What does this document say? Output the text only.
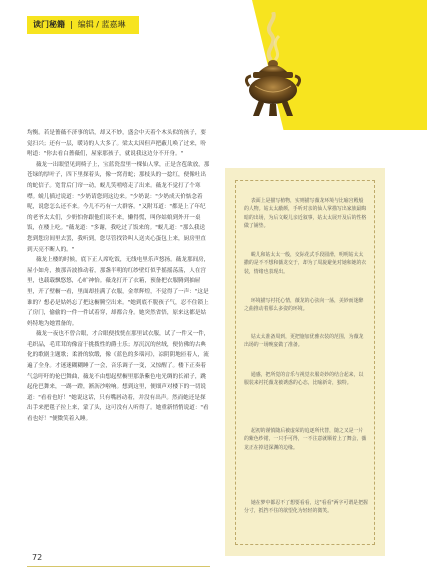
读门秘籍 | 编辑 / 蓝嘉琳

均衡。若是薔薇不济事的话，却又不妙，盛会中天着个木头似的孩子，要觉扫兴；还有一层，暖诗的人大多了。梁太太因但声把蔽儿唤了过来，吩咐道："你去看白薔薇们，屋家那孩子，就说我这边分不开身。"

薇龙一出眼望见到椅子上，宝蓝瓷盘里一棵仙人掌，正是含苞欲放，那苍绿的厚叶子，四下里探着头，像一窝青蛇；那枝头的一捻红，便像吐出的蛇信子。宽背后门帘一动，蜕儿笑嘻嘻走了出来。薇龙不觉打了个寒噤。蜕儿插过说道："少奶请您到这边来。"少奶说："少奶成天价惦念着呢，说您怎么还不来。今儿不巧有一大群客。"又附耳道："都是上了年纪的老爷太太们，少奶怕你跟他们谈不来，懒得慌，叫你姑娘到外开一桌饭，在楼上吃。"薇龙道："多谢，我吃过了饭来的。"蜕儿道："那么我送您到您房间里去罢，我听到，您尽管找铃叫人送夹心蛋包上来，厨房里直到天亮不断人的。"

薇龙上楼的时候，底下正人席吃饭，无线电里乐声悠扬。薇龙那间房，屋小如舟，披那音波推动着，那盏半明的红纱壁灯似乎摇摇荡荡，人在宫里，也载载飘悠悠，心旷神怡。薇龙打开了衣箱，预备把衣服腾到抽屉里，开了壁橱一看，里面却挂满了衣服，金翠辉煌，不觉得了一声："这是谁的？想必是姑妈忘了把这橱腾空出来。"她到底不脱孩子气，忍不住锁上了房门，偷偷的一件一件试着穿，却都合身。她突然省悟，原来这都是姑妈特地为她置备的。

薇龙一夜也不曾合眼，才合眼便找恍在那里试衣服，试了一件又一件，毛织品，毛茸茸的像富于挑拨性的爵士乐；厚沉沉的丝绒，便仿佛的古典化的歌剧主题歌；柔滑的软缎，像《蓝色的多瑙河》，凉阴阴地匝着人，流遍了全身。才迷迷糊糊睡了一会，音乐调子一变，又惊醒了。楼下正奏着气急吁吁的伦巴舞曲，薇龙不由想起壁橱里那条紫色电光绸的长裙子，跳起伦巴舞来，一踢一蹬，淅沥沙啦响。想到这里，便细声对楼下的一切说道："看看也好！"她说这话，只有嘴唇动着，并没有出声。然而她还是探出手来把毯子拉上来，蒙了头，这可没有人听得了。她重新悄悄说道："看看也好！"便微笑着入睡。

表面上是描写植物，实则描写薇龙环境与比喻宫殿般的人物。姑太太蔽颜，手听对亲的仙人掌描写出家族最晦暗的出场，为后文蜕儿亲近叙事，姑太太展开及后的性格做了铺垫。
蜕儿和姑太太一般，交际花式手段圆滑，明明姑太太撒的是不不想和薇龙交于，却为了周旋避免对她和她的衣装，情绪也表现出。
环境描写衬托心情，薇龙的心弦向一荡，美妙而迷醉之曲推动着那么多姿的环境。
姑太太准备周到，更把施加优雅衣装的范围，为薇龙出场的一场晚宴做了准备。
通感，把所觉的音乐与视觉衣服奇妙的结合起来，以服装来衬托薇龙被诱惑的心态，比喻新奇，独特。
起初的谨慎随后被虚荣的追逐所代替，随之又是一片的紫色纱裙，一只手可得，一不注意就顺着上了舞会，薇龙正在掉进深渊的边缘。
她在梦中都忍不了想要看看，这"看看"两字可谓是把握分寸，抵挡不住的欲望化为轻轻的微笑。
72
